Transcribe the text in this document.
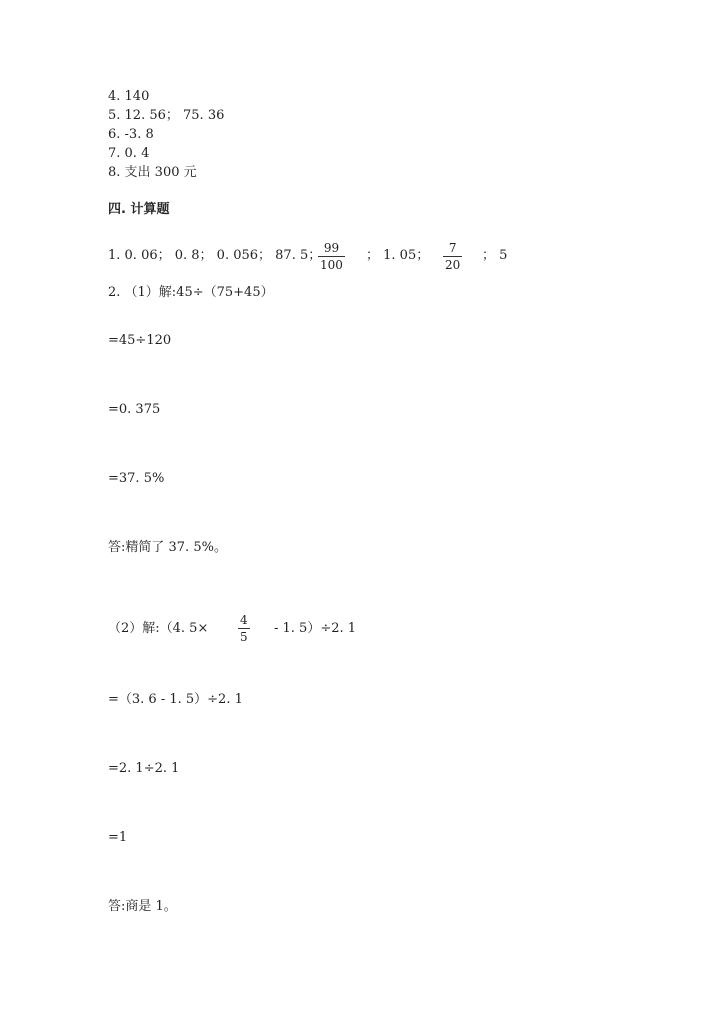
4. 140
5. 12. 56； 75. 36
6. -3. 8
7. 0. 4
8. 支出 300 元
四. 计算题
1. 0. 06； 0. 8； 0. 056； 87. 5； 99
100
； 1. 05； 7
20
； 5
2. （1）解:45÷（75+45）
=45÷120
=0. 375
=37. 5%
答:精简了 37. 5%。
（2）解:（4. 5×
4
5
- 1. 5）÷2. 1
=（3. 6 - 1. 5）÷2. 1
=2. 1÷2. 1
=1
答:商是 1。
